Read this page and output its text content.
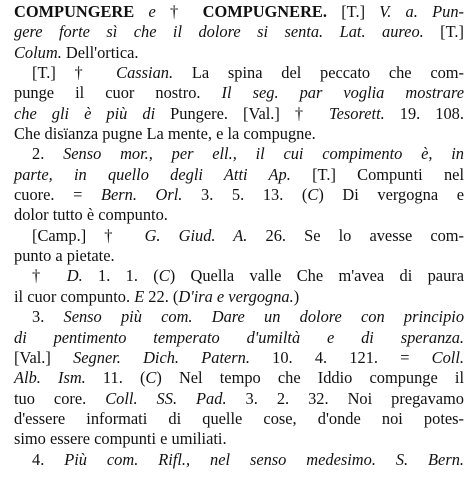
COMPUNGERE e † COMPUGNERE. [T.] V. a. Pun-
gere forte sì che il dolore si senta. Lat. aureo. [T.]
Colum. Dell'ortica.
[T.] † Cassian. La spina del peccato che com-
punge il cuor nostro. Il seg. par voglia mostrare
che gli è più di Pungere. [Val.] † Tesorett. 19. 108.
Che disïanza pugne La mente, e la compugne.
2. Senso mor., per ell., il cui compimento è, in
parte, in quello degli Atti Ap. [T.] Compunti nel
cuore. = Bern. Orl. 3. 5. 13. (C) Di vergogna e
dolor tutto è compunto.
[Camp.] † G. Giud. A. 26. Se lo avesse com-
punto a pietate.
† D. 1. 1. (C) Quella valle Che m'avea di paura
il cuor compunto. E 22. (D'ira e vergogna.)
3. Senso più com. Dare un dolore con principio
di pentimento temperato d'umiltà e di speranza.
[Val.] Segner. Dich. Patern. 10. 4. 121. = Coll.
Alb. Ism. 11. (C) Nel tempo che Iddio compunge il
tuo core. Coll. SS. Pad. 3. 2. 32. Noi pregavamo
d'essere informati di quelle cose, d'onde noi potes-
simo essere compunti e umiliati.
4. Più com. Rifl., nel senso medesimo. S. Bern.
